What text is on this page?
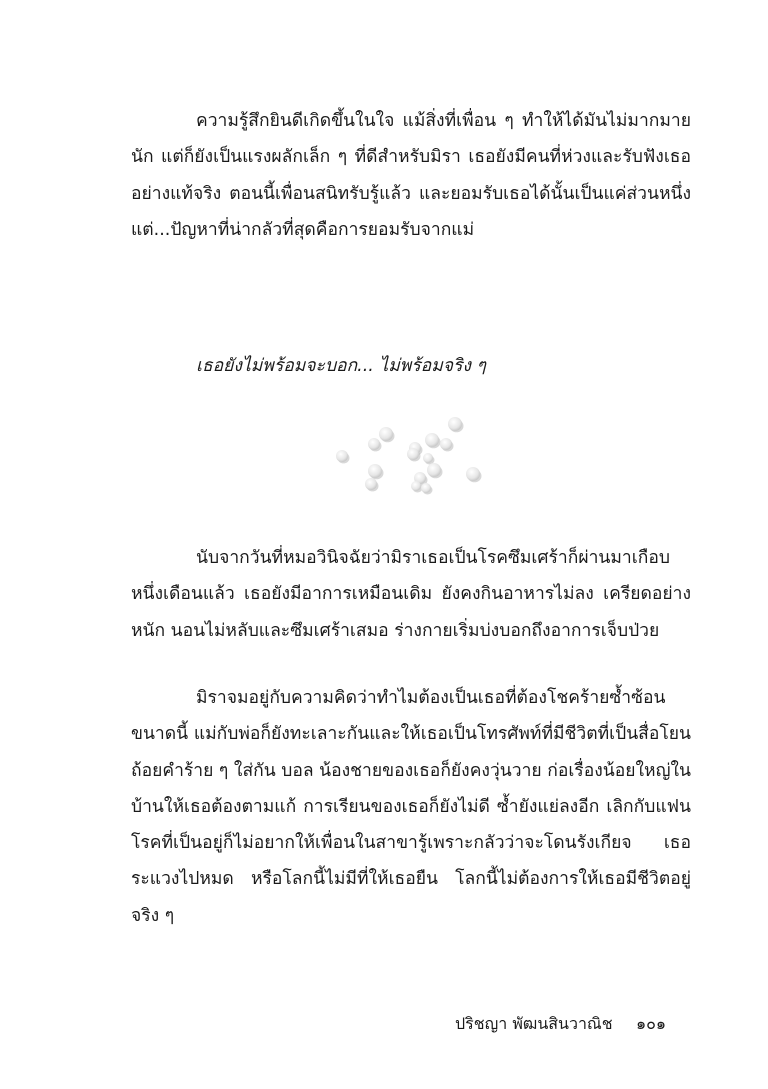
ความรู้สึกยินดีเกิดขึ้นในใจ แม้สิ่งที่เพื่อน ๆ ทำให้ได้มันไม่มากมายนัก แต่ก็ยังเป็นแรงผลักเล็ก ๆ ที่ดีสำหรับมิรา เธอยังมีคนที่ห่วงและรับฟังเธออย่างแท้จริง ตอนนี้เพื่อนสนิทรับรู้แล้ว และยอมรับเธอได้นั้นเป็นแค่ส่วนหนึ่ง แต่...ปัญหาที่น่ากลัวที่สุดคือการยอมรับจากแม่

เธอยังไม่พร้อมจะบอก... ไม่พร้อมจริง ๆ

นับจากวันที่หมอวินิจฉัยว่ามิราเธอเป็นโรคซึมเศร้าก็ผ่านมาเกือบหนึ่งเดือนแล้ว เธอยังมีอาการเหมือนเดิม ยังคงกินอาหารไม่ลง เครียดอย่างหนัก นอนไม่หลับและซึมเศร้าเสมอ ร่างกายเริ่มบ่งบอกถึงอาการเจ็บป่วย

มิราจมอยู่กับความคิดว่าทำไมต้องเป็นเธอที่ต้องโชคร้ายซ้ำซ้อนขนาดนี้ แม่กับพ่อก็ยังทะเลาะกันและให้เธอเป็นโทรศัพท์ที่มีชีวิตที่เป็นสื่อโยนถ้อยคำร้าย ๆ ใส่กัน บอล น้องชายของเธอก็ยังคงวุ่นวาย ก่อเรื่องน้อยใหญ่ในบ้านให้เธอต้องตามแก้ การเรียนของเธอก็ยังไม่ดี ซ้ำยังแย่ลงอีก เลิกกับแฟน โรคที่เป็นอยู่ก็ไม่อยากให้เพื่อนในสาขารู้เพราะกลัวว่าจะโดนรังเกียจ เธอระแวงไปหมด หรือโลกนี้ไม่มีที่ให้เธอยืน โลกนี้ไม่ต้องการให้เธอมีชีวิตอยู่จริง ๆ

ปริชญา พัฒนสินวาณิช ๑๐๑
